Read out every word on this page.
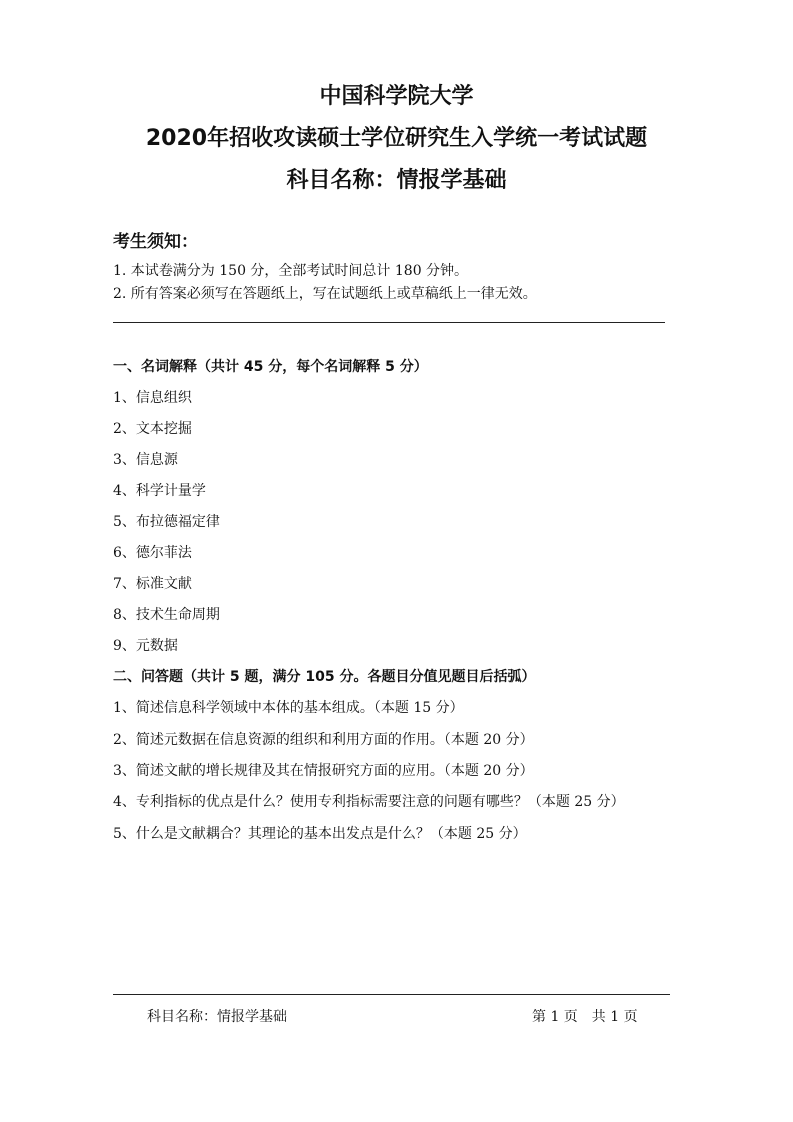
中国科学院大学
2020年招收攻读硕士学位研究生入学统一考试试题
科目名称：情报学基础
考生须知：
1. 本试卷满分为 150 分，全部考试时间总计 180 分钟。
2. 所有答案必须写在答题纸上，写在试题纸上或草稿纸上一律无效。
一、名词解释（共计 45 分，每个名词解释 5 分）
1、信息组织
2、文本挖掘
3、信息源
4、科学计量学
5、布拉德福定律
6、德尔菲法
7、标准文献
8、技术生命周期
9、元数据
二、问答题（共计 5 题，满分 105 分。各题目分值见题目后括弧）
1、简述信息科学领域中本体的基本组成。（本题 15 分）
2、简述元数据在信息资源的组织和利用方面的作用。（本题 20 分）
3、简述文献的增长规律及其在情报研究方面的应用。（本题 20 分）
4、专利指标的优点是什么？使用专利指标需要注意的问题有哪些？（本题 25 分）
5、什么是文献耦合？其理论的基本出发点是什么？（本题 25 分）
科目名称：情报学基础	第 1 页　共 1 页
